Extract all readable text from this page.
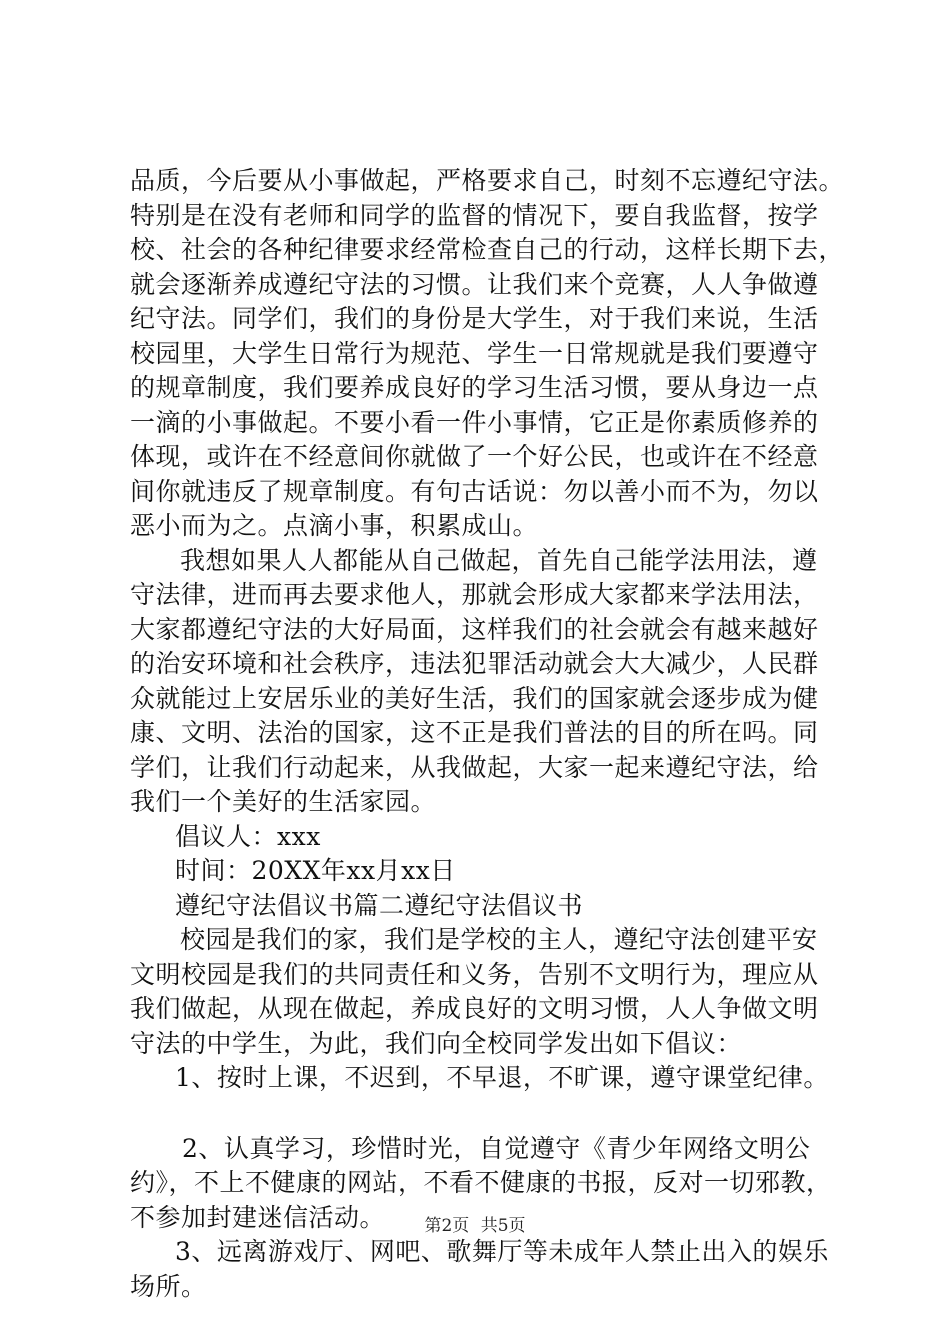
品质，今后要从小事做起，严格要求自己，时刻不忘遵纪守法。
特别是在没有老师和同学的监督的情况下，要自我监督，按学
校、社会的各种纪律要求经常检查自己的行动，这样长期下去，
就会逐渐养成遵纪守法的习惯。让我们来个竞赛，人人争做遵
纪守法。同学们，我们的身份是大学生，对于我们来说，生活
校园里，大学生日常行为规范、学生一日常规就是我们要遵守
的规章制度，我们要养成良好的学习生活习惯，要从身边一点
一滴的小事做起。不要小看一件小事情，它正是你素质修养的
体现，或许在不经意间你就做了一个好公民，也或许在不经意
间你就违反了规章制度。有句古话说：勿以善小而不为，勿以
恶小而为之。点滴小事，积累成山。
我想如果人人都能从自己做起，首先自己能学法用法，遵
守法律，进而再去要求他人，那就会形成大家都来学法用法，
大家都遵纪守法的大好局面，这样我们的社会就会有越来越好
的治安环境和社会秩序，违法犯罪活动就会大大减少，人民群
众就能过上安居乐业的美好生活，我们的国家就会逐步成为健
康、文明、法治的国家，这不正是我们普法的目的所在吗。同
学们，让我们行动起来，从我做起，大家一起来遵纪守法，给
我们一个美好的生活家园。
倡议人：xxx
时间：20XX年xx月xx日
遵纪守法倡议书篇二遵纪守法倡议书
校园是我们的家，我们是学校的主人，遵纪守法创建平安
文明校园是我们的共同责任和义务，告别不文明行为，理应从
我们做起，从现在做起，养成良好的文明习惯，人人争做文明
守法的中学生，为此，我们向全校同学发出如下倡议：
1、按时上课，不迟到，不早退，不旷课，遵守课堂纪律。
2、认真学习，珍惜时光，自觉遵守《青少年网络文明公
约》，不上不健康的网站，不看不健康的书报，反对一切邪教，
不参加封建迷信活动。
3、远离游戏厅、网吧、歌舞厅等未成年人禁止出入的娱乐
场所。
第2页 共5页
